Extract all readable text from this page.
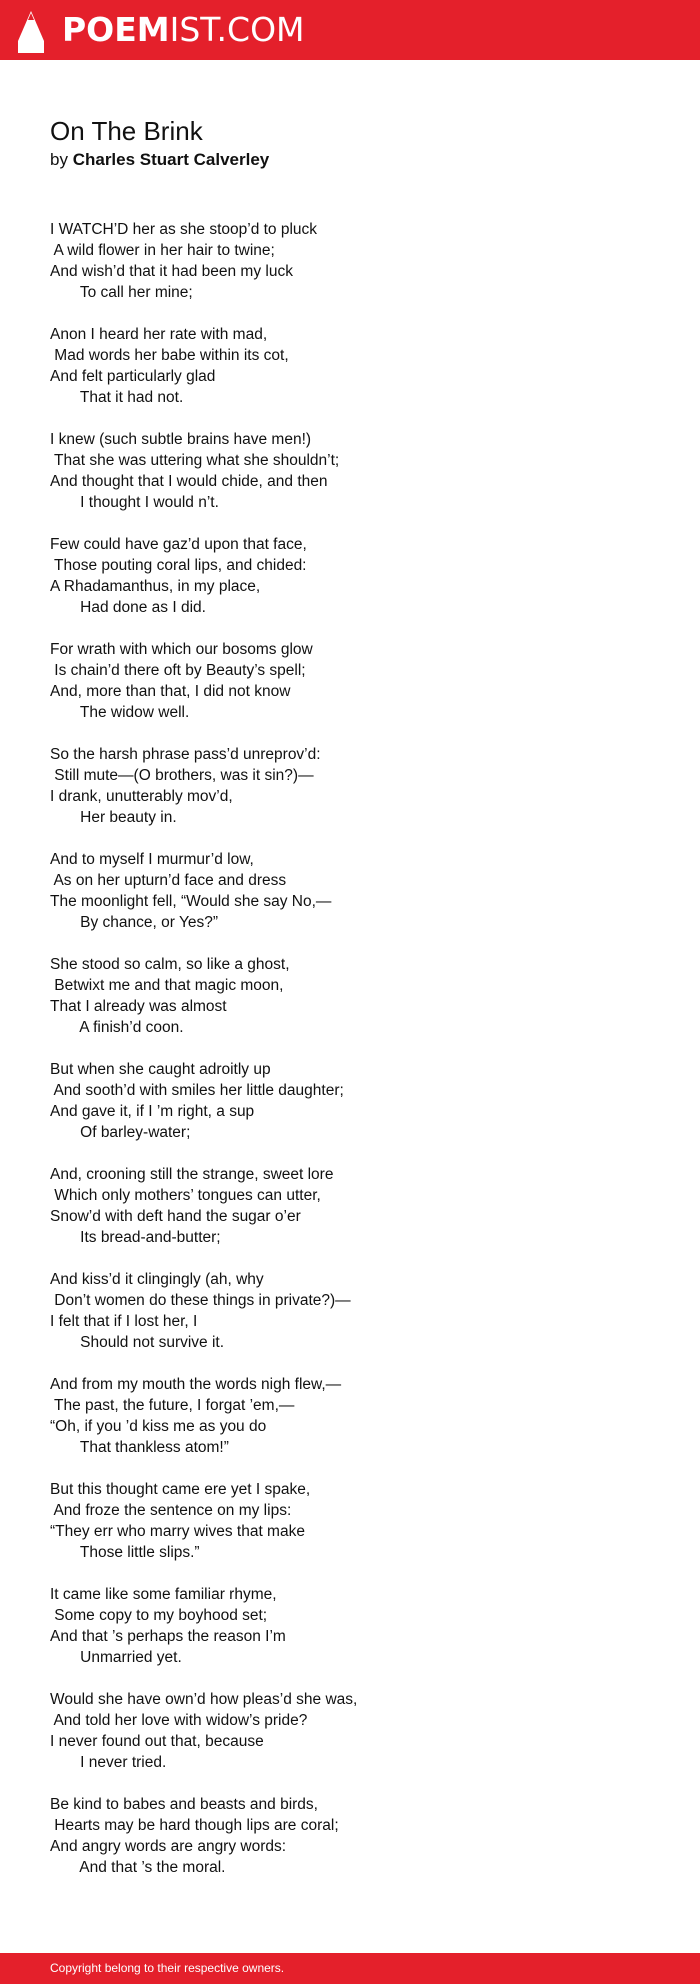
POEMIST.COM
On The Brink
by Charles Stuart Calverley
I WATCH’D her as she stoop’d to pluck
A wild flower in her hair to twine;
And wish’d that it had been my luck
To call her mine;
Anon I heard her rate with mad,
Mad words her babe within its cot,
And felt particularly glad
That it had not.
I knew (such subtle brains have men!)
That she was uttering what she shouldn’t;
And thought that I would chide, and then
I thought I would n’t.
Few could have gaz’d upon that face,
Those pouting coral lips, and chided:
A Rhadamanthus, in my place,
Had done as I did.
For wrath with which our bosoms glow
Is chain’d there oft by Beauty’s spell;
And, more than that, I did not know
The widow well.
So the harsh phrase pass’d unreprov’d:
Still mute—(O brothers, was it sin?)—
I drank, unutterably mov’d,
Her beauty in.
And to myself I murmur’d low,
As on her upturn’d face and dress
The moonlight fell, “Would she say No,—
By chance, or Yes?”
She stood so calm, so like a ghost,
Betwixt me and that magic moon,
That I already was almost
A finish’d coon.
But when she caught adroitly up
And sooth’d with smiles her little daughter;
And gave it, if I ’m right, a sup
Of barley-water;
And, crooning still the strange, sweet lore
Which only mothers’ tongues can utter,
Snow’d with deft hand the sugar o’er
Its bread-and-butter;
And kiss’d it clingingly (ah, why
Don’t women do these things in private?)—
I felt that if I lost her, I
Should not survive it.
And from my mouth the words nigh flew,—
The past, the future, I forgat ’em,—
“Oh, if you ’d kiss me as you do
That thankless atom!”
But this thought came ere yet I spake,
And froze the sentence on my lips:
“They err who marry wives that make
Those little slips.”
It came like some familiar rhyme,
Some copy to my boyhood set;
And that ’s perhaps the reason I’m
Unmarried yet.
Would she have own’d how pleas’d she was,
And told her love with widow’s pride?
I never found out that, because
I never tried.
Be kind to babes and beasts and birds,
Hearts may be hard though lips are coral;
And angry words are angry words:
And that ’s the moral.
Copyright belong to their respective owners.
